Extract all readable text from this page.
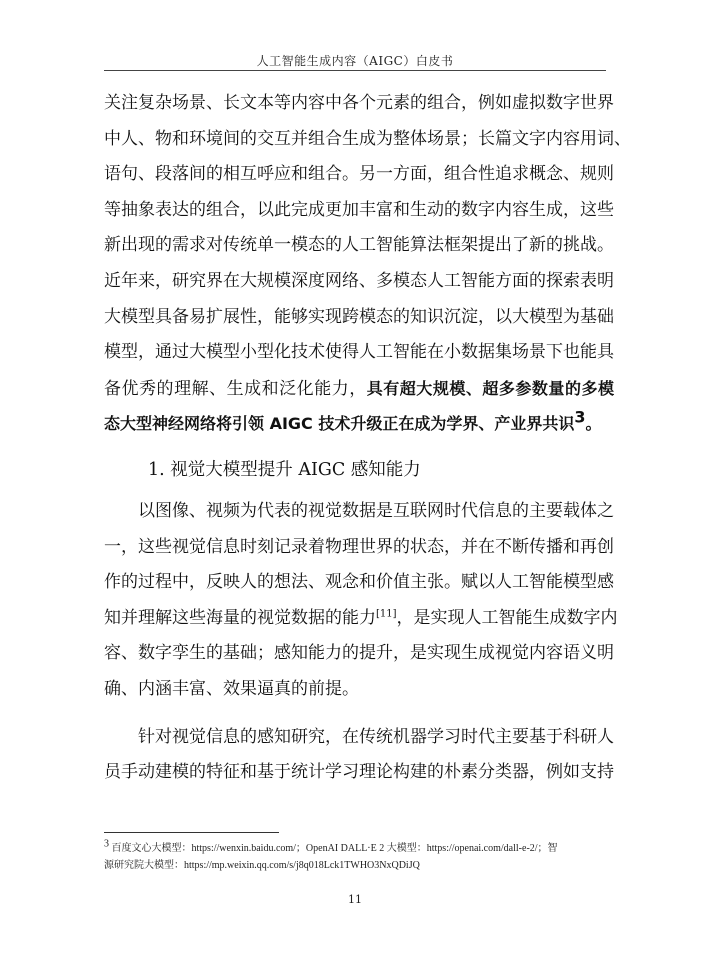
人工智能生成内容（AIGC）白皮书

关注复杂场景、长文本等内容中各个元素的组合，例如虚拟数字世界

中人、物和环境间的交互并组合生成为整体场景；长篇文字内容用词、

语句、段落间的相互呼应和组合。另一方面，组合性追求概念、规则

等抽象表达的组合，以此完成更加丰富和生动的数字内容生成，这些

新出现的需求对传统单一模态的人工智能算法框架提出了新的挑战。

近年来，研究界在大规模深度网络、多模态人工智能方面的探索表明

大模型具备易扩展性，能够实现跨模态的知识沉淀，以大模型为基础

模型，通过大模型小型化技术使得人工智能在小数据集场景下也能具

备优秀的理解、生成和泛化能力，具有超大规模、超多参数量的多模

态大型神经网络将引领 AIGC 技术升级正在成为学界、产业界共识$^3$。

1. 视觉大模型提升 AIGC 感知能力

以图像、视频为代表的视觉数据是互联网时代信息的主要载体之

一，这些视觉信息时刻记录着物理世界的状态，并在不断传播和再创

作的过程中，反映人的想法、观念和价值主张。赋以人工智能模型感

知并理解这些海量的视觉数据的能力[11]，是实现人工智能生成数字内

容、数字孪生的基础；感知能力的提升，是实现生成视觉内容语义明

确、内涵丰富、效果逼真的前提。

针对视觉信息的感知研究，在传统机器学习时代主要基于科研人

员手动建模的特征和基于统计学习理论构建的朴素分类器，例如支持

$^3$ 百度文心大模型：https://wenxin.baidu.com/；OpenAI DALL·E 2 大模型：https://openai.com/dall-e-2/；智
源研究院大模型：https://mp.weixin.qq.com/s/j8q018Lck1TWHO3NxQDiJQ
11
